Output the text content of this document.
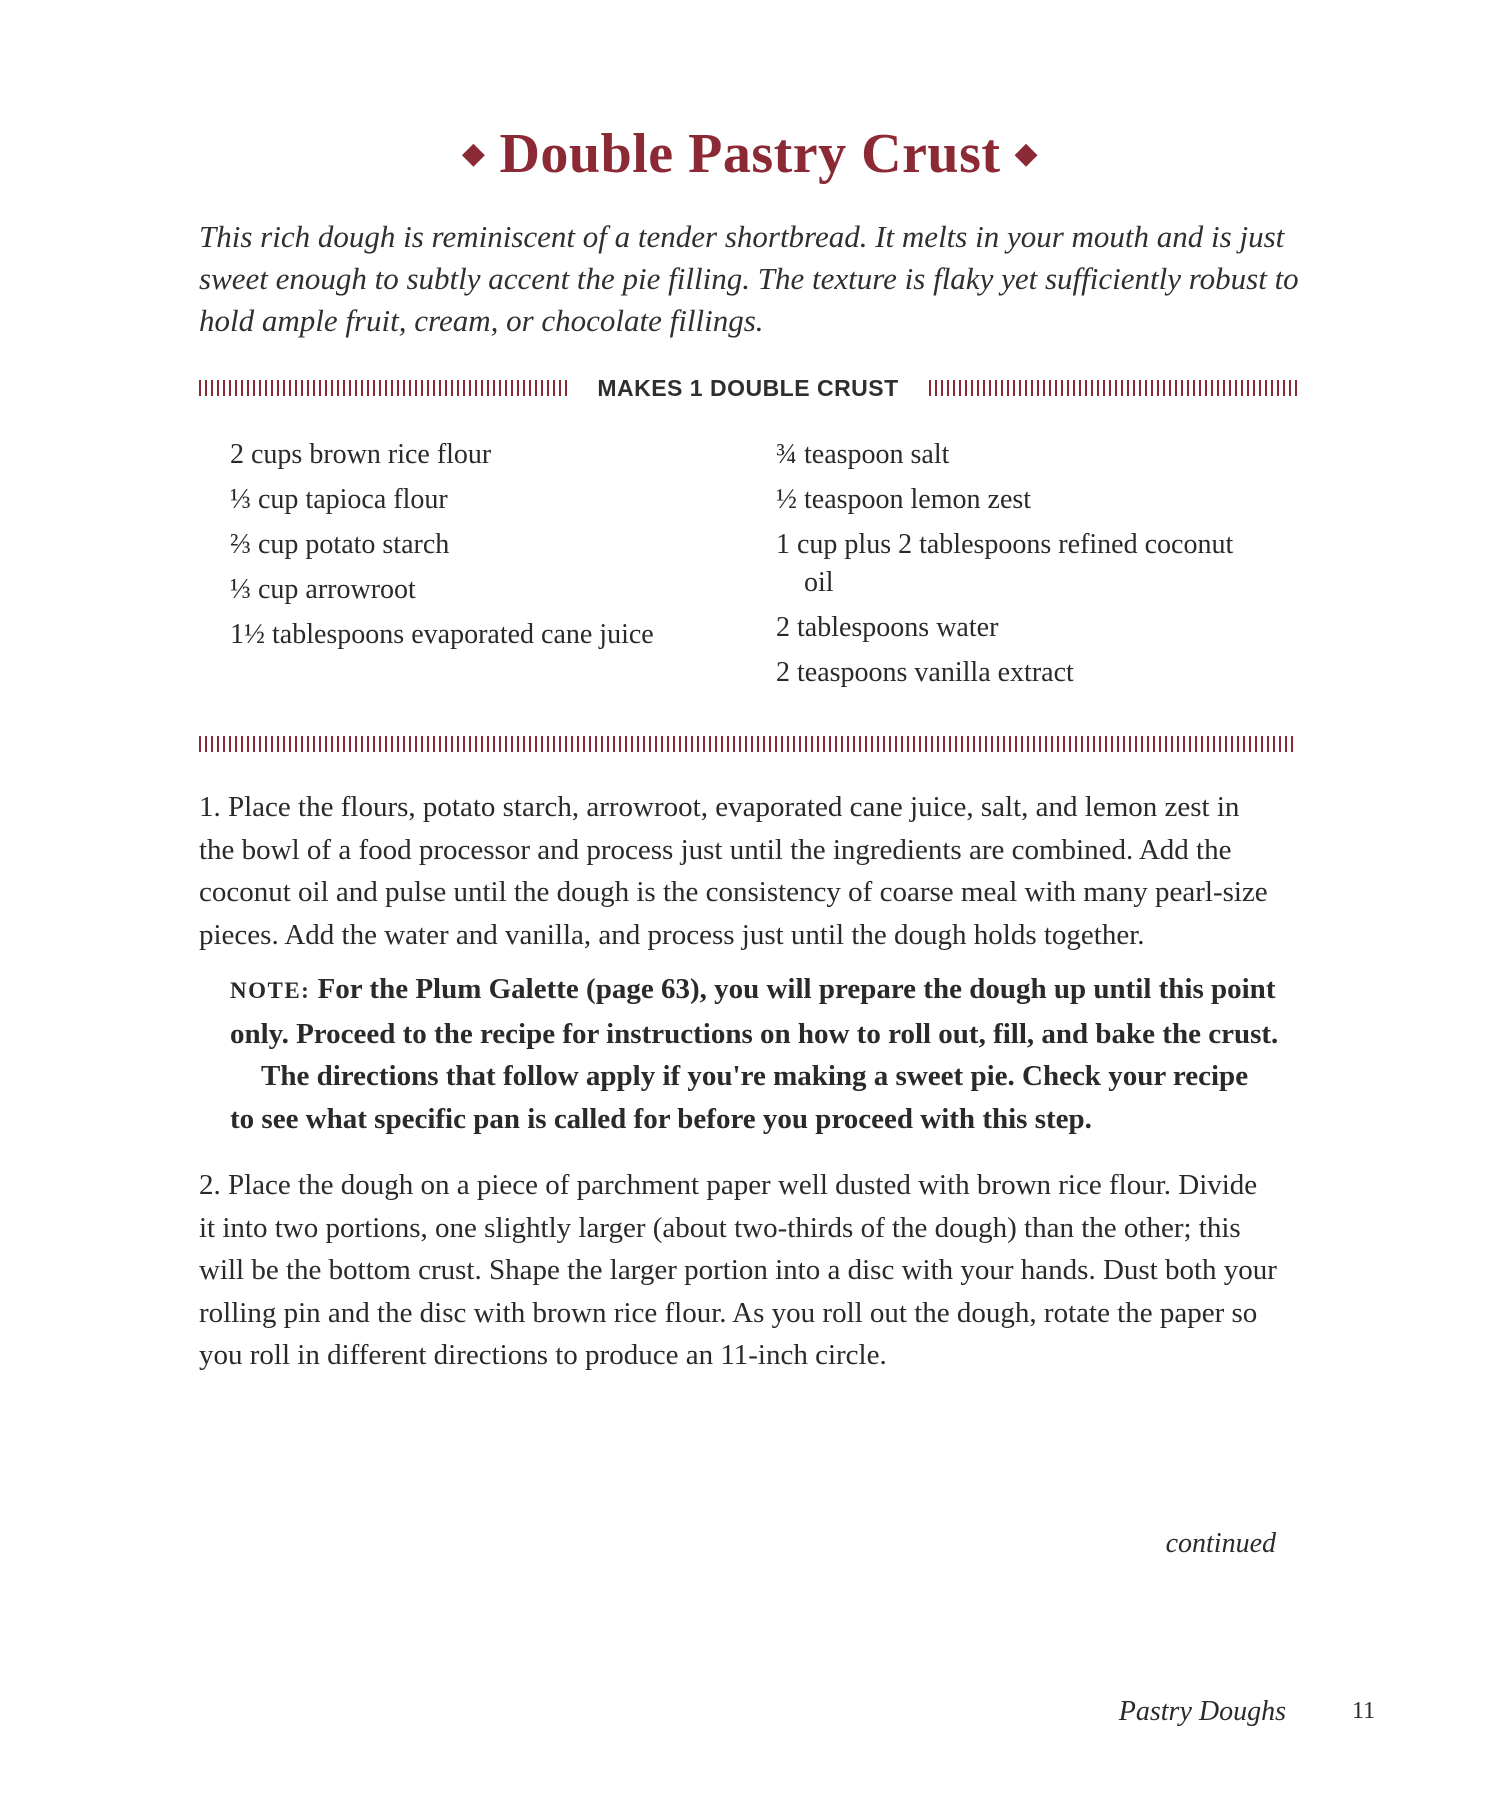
◆ Double Pastry Crust ◆
This rich dough is reminiscent of a tender shortbread. It melts in your mouth and is just sweet enough to subtly accent the pie filling. The texture is flaky yet sufficiently robust to hold ample fruit, cream, or chocolate fillings.
MAKES 1 DOUBLE CRUST
2 cups brown rice flour
⅓ cup tapioca flour
⅔ cup potato starch
⅓ cup arrowroot
1½ tablespoons evaporated cane juice
¾ teaspoon salt
½ teaspoon lemon zest
1 cup plus 2 tablespoons refined coconut oil
2 tablespoons water
2 teaspoons vanilla extract

1. Place the flours, potato starch, arrowroot, evaporated cane juice, salt, and lemon zest in the bowl of a food processor and process just until the ingredients are combined. Add the coconut oil and pulse until the dough is the consistency of coarse meal with many pearl-size pieces. Add the water and vanilla, and process just until the dough holds together.

NOTE: For the Plum Galette (page 63), you will prepare the dough up until this point only. Proceed to the recipe for instructions on how to roll out, fill, and bake the crust.

The directions that follow apply if you're making a sweet pie. Check your recipe to see what specific pan is called for before you proceed with this step.

2. Place the dough on a piece of parchment paper well dusted with brown rice flour. Divide it into two portions, one slightly larger (about two-thirds of the dough) than the other; this will be the bottom crust. Shape the larger portion into a disc with your hands. Dust both your rolling pin and the disc with brown rice flour. As you roll out the dough, rotate the paper so you roll in different directions to produce an 11-inch circle.

continued
Pastry Doughs	11
